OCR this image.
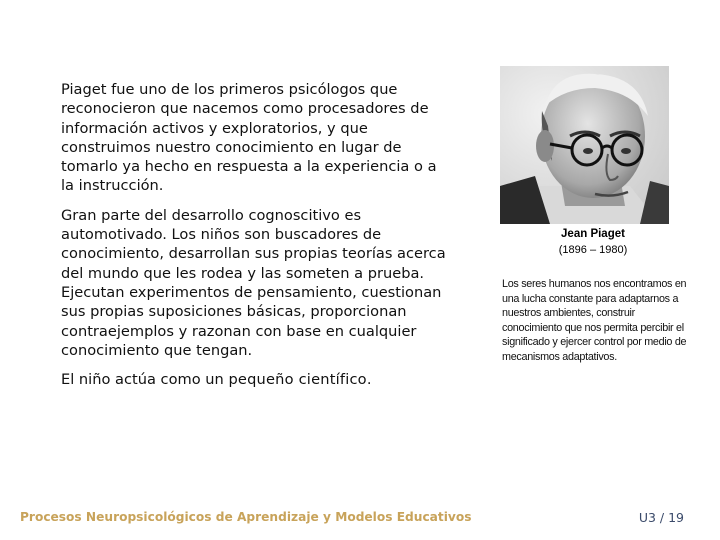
Piaget fue uno de los primeros psicólogos que reconocieron que nacemos como procesadores de información activos y exploratorios, y que construimos nuestro conocimiento en lugar de tomarlo ya hecho en respuesta a la experiencia o a la instrucción.

Gran parte del desarrollo cognoscitivo es automotivado. Los niños son buscadores de conocimiento, desarrollan sus propias teorías acerca del mundo que les rodea y las someten a prueba. Ejecutan experimentos de pensamiento, cuestionan sus propias suposiciones básicas, proporcionan contraejemplos y razonan con base en cualquier conocimiento que tengan.

El niño actúa como un pequeño científico.

Jean Piaget
(1896 – 1980)
Los seres humanos nos encontramos en una lucha constante para adaptarnos a nuestros ambientes, construir conocimiento que nos permita percibir el significado y ejercer control por medio de mecanismos adaptativos.
Procesos Neuropsicológicos de Aprendizaje y Modelos Educativos	U3 / 19
